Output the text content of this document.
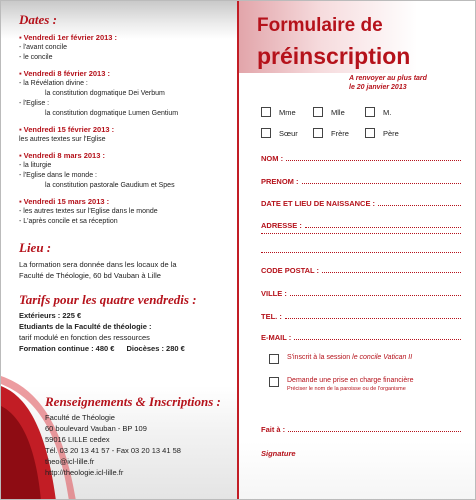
Dates :
▪ Vendredi 1er février 2013 :
- l'avant concile
- le concile
▪ Vendredi 8 février 2013 :
- la Révélation divine :
la constitution dogmatique Dei Verbum
- l'Eglise :
la constitution dogmatique Lumen Gentium
▪ Vendredi 15 février 2013 :
les autres textes sur l'Eglise
▪ Vendredi 8 mars 2013 :
- la liturgie
- l'Eglise dans le monde :
la constitution pastorale Gaudium et Spes
▪ Vendredi 15 mars 2013 :
- les autres textes sur l'Eglise dans le monde
- L'après concile et sa réception
Lieu :
La formation sera donnée dans les locaux de la
Faculté de Théologie, 60 bd Vauban à Lille
Tarifs pour les quatre vendredis :
Extérieurs : 225 €
Etudiants de la Faculté de théologie :
tarif modulé en fonction des ressources
Formation continue : 480 € Diocèses : 280 €
Renseignements & Inscriptions :
Faculté de Théologie
60 boulevard Vauban - BP 109
59016 LILLE cedex
Tél. 03 20 13 41 57 - Fax 03 20 13 41 58
theo@icl-lille.fr
http://theologie.icl-lille.fr
Formulaire de
préinscription
A renvoyer au plus tard
le 20 janvier 2013
Mme	Mlle	M.
Sœur	Frère	Père
NOM :
PRENOM :
DATE ET LIEU DE NAISSANCE :
ADRESSE :
CODE POSTAL :
VILLE :
TEL. :
E-MAIL :
S'inscrit à la session le concile Vatican II
Demande une prise en charge financière
Préciser le nom de la paroisse ou de l'organisme
Fait à :
Signature
